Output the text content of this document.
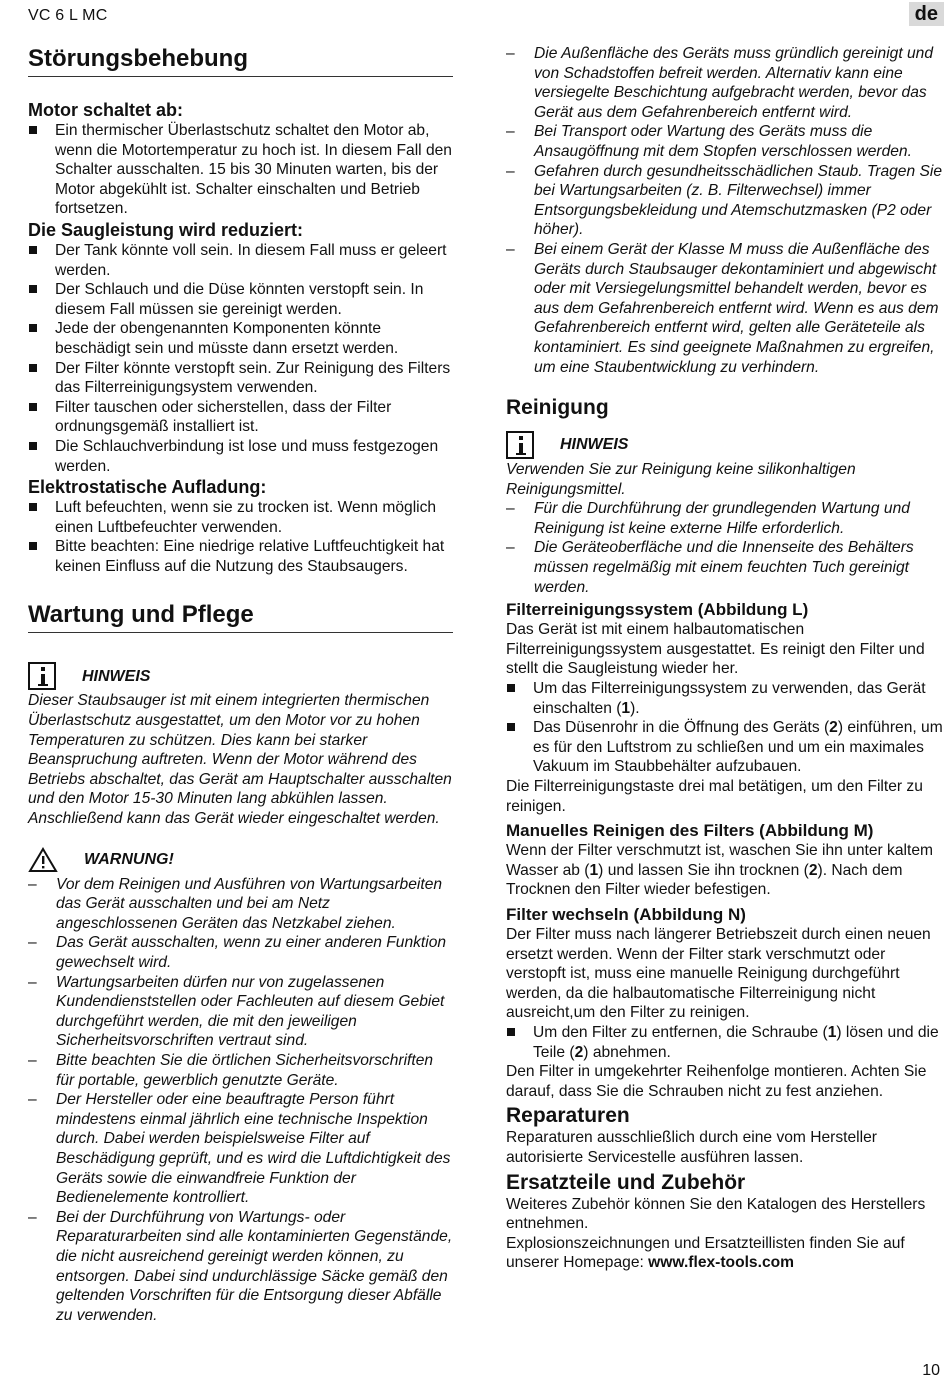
VC 6 L MC	de
Störungsbehebung
Motor schaltet ab:
Ein thermischer Überlastschutz schaltet den Motor ab, wenn die Motortemperatur zu hoch ist. In diesem Fall den Schalter ausschalten. 15 bis 30 Minuten warten, bis der Motor abgekühlt ist. Schalter einschalten und Betrieb fortsetzen.
Die Saugleistung wird reduziert:
Der Tank könnte voll sein. In diesem Fall muss er geleert werden.
Der Schlauch und die Düse könnten verstopft sein. In diesem Fall müssen sie gereinigt werden.
Jede der obengenannten Komponenten könnte beschädigt sein und müsste dann ersetzt werden.
Der Filter könnte verstopft sein. Zur Reinigung des Filters das Filterreinigungsystem verwenden.
Filter tauschen oder sicherstellen, dass der Filter ordnungsgemäß installiert ist.
Die Schlauchverbindung ist lose und muss festgezogen werden.
Elektrostatische Aufladung:
Luft befeuchten, wenn sie zu trocken ist. Wenn möglich einen Luftbefeuchter verwenden.
Bitte beachten: Eine niedrige relative Luftfeuchtigkeit hat keinen Einfluss auf die Nutzung des Staubsaugers.
Wartung und Pflege
HINWEIS

Dieser Staubsauger ist mit einem integrierten thermischen Überlastschutz ausgestattet, um den Motor vor zu hohen Temperaturen zu schützen. Dies kann bei starker Beanspruchung auftreten. Wenn der Motor während des Betriebs abschaltet, das Gerät am Hauptschalter ausschalten und den Motor 15-30 Minuten lang abkühlen lassen. Anschließend kann das Gerät wieder eingeschaltet werden.

WARNUNG!
– Vor dem Reinigen und Ausführen von Wartungsarbeiten das Gerät ausschalten und bei am Netz angeschlossenen Geräten das Netzkabel ziehen.
– Das Gerät ausschalten, wenn zu einer anderen Funktion gewechselt wird.
– Wartungsarbeiten dürfen nur von zugelassenen Kundendienststellen oder Fachleuten auf diesem Gebiet durchgeführt werden, die mit den jeweiligen Sicherheitsvorschriften vertraut sind.
– Bitte beachten Sie die örtlichen Sicherheitsvorschriften für portable, gewerblich genutzte Geräte.
– Der Hersteller oder eine beauftragte Person führt mindestens einmal jährlich eine technische Inspektion durch. Dabei werden beispielsweise Filter auf Beschädigung geprüft, und es wird die Luftdichtigkeit des Geräts sowie die einwandfreie Funktion der Bedienelemente kontrolliert.
– Bei der Durchführung von Wartungs- oder Reparaturarbeiten sind alle kontaminierten Gegenstände, die nicht ausreichend gereinigt werden können, zu entsorgen. Dabei sind undurchlässige Säcke gemäß den geltenden Vorschriften für die Entsorgung dieser Abfälle zu verwenden.
– Die Außenfläche des Geräts muss gründlich gereinigt und von Schadstoffen befreit werden. Alternativ kann eine versiegelte Beschichtung aufgebracht werden, bevor das Gerät aus dem Gefahrenbereich entfernt wird.
– Bei Transport oder Wartung des Geräts muss die Ansaugöffnung mit dem Stopfen verschlossen werden.
– Gefahren durch gesundheitsschädlichen Staub. Tragen Sie bei Wartungsarbeiten (z. B. Filterwechsel) immer Entsorgungsbekleidung und Atemschutzmasken (P2 oder höher).
– Bei einem Gerät der Klasse M muss die Außenfläche des Geräts durch Staubsauger dekontaminiert und abgewischt oder mit Versiegelungsmittel behandelt werden, bevor es aus dem Gefahrenbereich entfernt wird. Wenn es aus dem Gefahrenbereich entfernt wird, gelten alle Geräteteile als kontaminiert. Es sind geeignete Maßnahmen zu ergreifen, um eine Staubentwicklung zu verhindern.
Reinigung
HINWEIS

Verwenden Sie zur Reinigung keine silikonhaltigen Reinigungsmittel.

– Für die Durchführung der grundlegenden Wartung und Reinigung ist keine externe Hilfe erforderlich.
– Die Geräteoberfläche und die Innenseite des Behälters müssen regelmäßig mit einem feuchten Tuch gereinigt werden.
Filterreinigungssystem (Abbildung L)

Das Gerät ist mit einem halbautomatischen Filterreinigungssystem ausgestattet. Es reinigt den Filter und stellt die Saugleistung wieder her.

Um das Filterreinigungssystem zu verwenden, das Gerät einschalten (1).
Das Düsenrohr in die Öffnung des Geräts (2) einführen, um es für den Luftstrom zu schließen und um ein maximales Vakuum im Staubbehälter aufzubauen.

Die Filterreinigungstaste drei mal betätigen, um den Filter zu reinigen.

Manuelles Reinigen des Filters (Abbildung M)

Wenn der Filter verschmutzt ist, waschen Sie ihn unter kaltem Wasser ab (1) und lassen Sie ihn trocknen (2). Nach dem Trocknen den Filter wieder befestigen.

Filter wechseln (Abbildung N)

Der Filter muss nach längerer Betriebszeit durch einen neuen ersetzt werden. Wenn der Filter stark verschmutzt oder verstopft ist, muss eine manuelle Reinigung durchgeführt werden, da die halbautomatische Filterreinigung nicht ausreicht,um den Filter zu reinigen.

Um den Filter zu entfernen, die Schraube (1) lösen und die Teile (2) abnehmen.

Den Filter in umgekehrter Reihenfolge montieren. Achten Sie darauf, dass Sie die Schrauben nicht zu fest anziehen.

Reparaturen

Reparaturen ausschließlich durch eine vom Hersteller autorisierte Servicestelle ausführen lassen.

Ersatzteile und Zubehör

Weiteres Zubehör können Sie den Katalogen des Herstellers entnehmen.

Explosionszeichnungen und Ersatzteillisten finden Sie auf unserer Homepage: www.flex-tools.com

10
